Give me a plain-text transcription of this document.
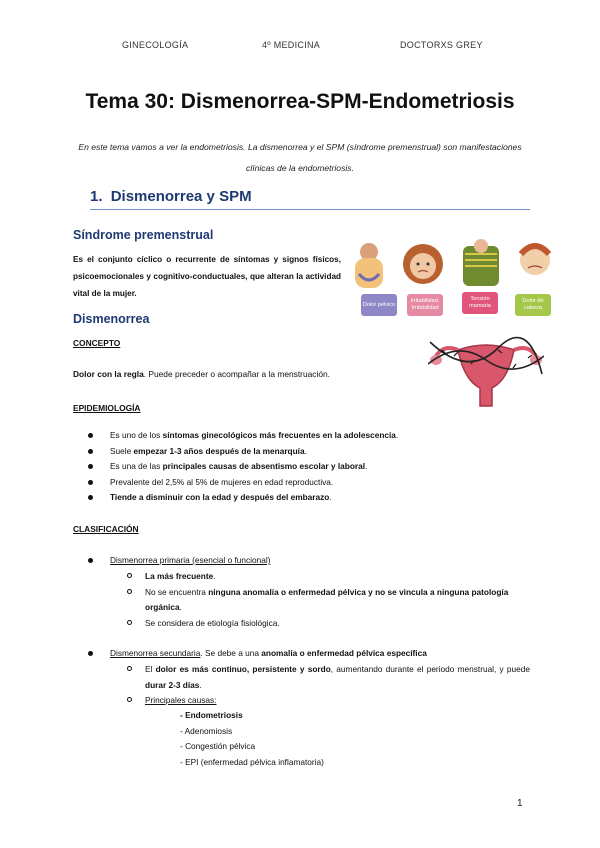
GINECOLOGÍA	4º MEDICINA	DOCTORXS GREY
Tema 30: Dismenorrea-SPM-Endometriosis
En este tema vamos a ver la endometriosis. La dismenorrea y el SPM (síndrome premenstrual) son manifestaciones clínicas de la endometriosis.
1. Dismenorrea y SPM
Síndrome premenstrual
Es el conjunto cíclico o recurrente de síntomas y signos físicos, psicoemocionales y cognitivo-conductuales, que alteran la actividad vital de la mujer.
Dolor pélvico
Irritabilidad, Irritabilidad
Tensión mamaria
Dolor de cabeza
Dismenorrea
CONCEPTO
Dolor con la regla. Puede preceder o acompañar a la menstruación.
EPIDEMIOLOGÍA
Es uno de los síntomas ginecológicos más frecuentes en la adolescencia.
Suele empezar 1-3 años después de la menarquía.
Es una de las principales causas de absentismo escolar y laboral.
Prevalente del 2,5% al 5% de mujeres en edad reproductiva.
Tiende a disminuir con la edad y después del embarazo.
CLASIFICACIÓN
Dismenorrea primaria (esencial o funcional)
La más frecuente.
No se encuentra ninguna anomalía o enfermedad pélvica y no se vincula a ninguna patología orgánica.
Se considera de etiología fisiológica.
Dismenorrea secundaria. Se debe a una anomalía o enfermedad pélvica específica
El dolor es más continuo, persistente y sordo, aumentando durante el periodo menstrual, y puede durar 2-3 días.
Principales causas:
- Endometriosis
- Adenomiosis
- Congestión pélvica
- EPI (enfermedad pélvica inflamatoria)
1
